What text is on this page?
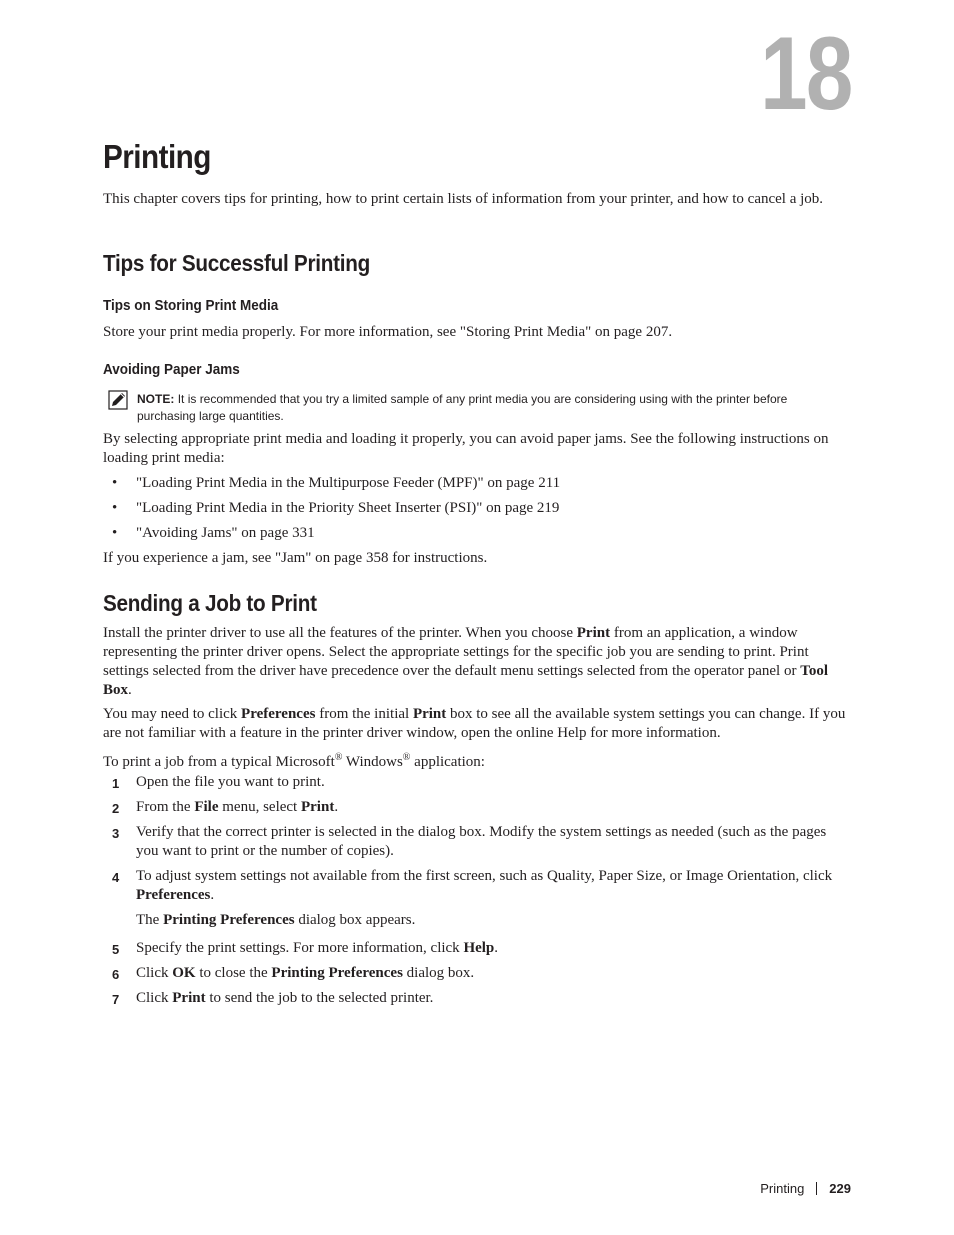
18
Printing

This chapter covers tips for printing, how to print certain lists of information from your printer, and how to cancel a job.

Tips for Successful Printing
Tips on Storing Print Media

Store your print media properly. For more information, see "Storing Print Media" on page 207.

Avoiding Paper Jams
NOTE: It is recommended that you try a limited sample of any print media you are considering using with the printer before purchasing large quantities.

By selecting appropriate print media and loading it properly, you can avoid paper jams. See the following instructions on loading print media:

• "Loading Print Media in the Multipurpose Feeder (MPF)" on page 211
• "Loading Print Media in the Priority Sheet Inserter (PSI)" on page 219
• "Avoiding Jams" on page 331

If you experience a jam, see "Jam" on page 358 for instructions.

Sending a Job to Print

Install the printer driver to use all the features of the printer. When you choose Print from an application, a window representing the printer driver opens. Select the appropriate settings for the specific job you are sending to print. Print settings selected from the driver have precedence over the default menu settings selected from the operator panel or Tool Box.

You may need to click Preferences from the initial Print box to see all the available system settings you can change. If you are not familiar with a feature in the printer driver window, open the online Help for more information.

To print a job from a typical Microsoft® Windows® application:

1 Open the file you want to print.
2 From the File menu, select Print.
3 Verify that the correct printer is selected in the dialog box. Modify the system settings as needed (such as the pages you want to print or the number of copies).
4 To adjust system settings not available from the first screen, such as Quality, Paper Size, or Image Orientation, click Preferences.
The Printing Preferences dialog box appears.
5 Specify the print settings. For more information, click Help.
6 Click OK to close the Printing Preferences dialog box.
7 Click Print to send the job to the selected printer.
Printing 229
